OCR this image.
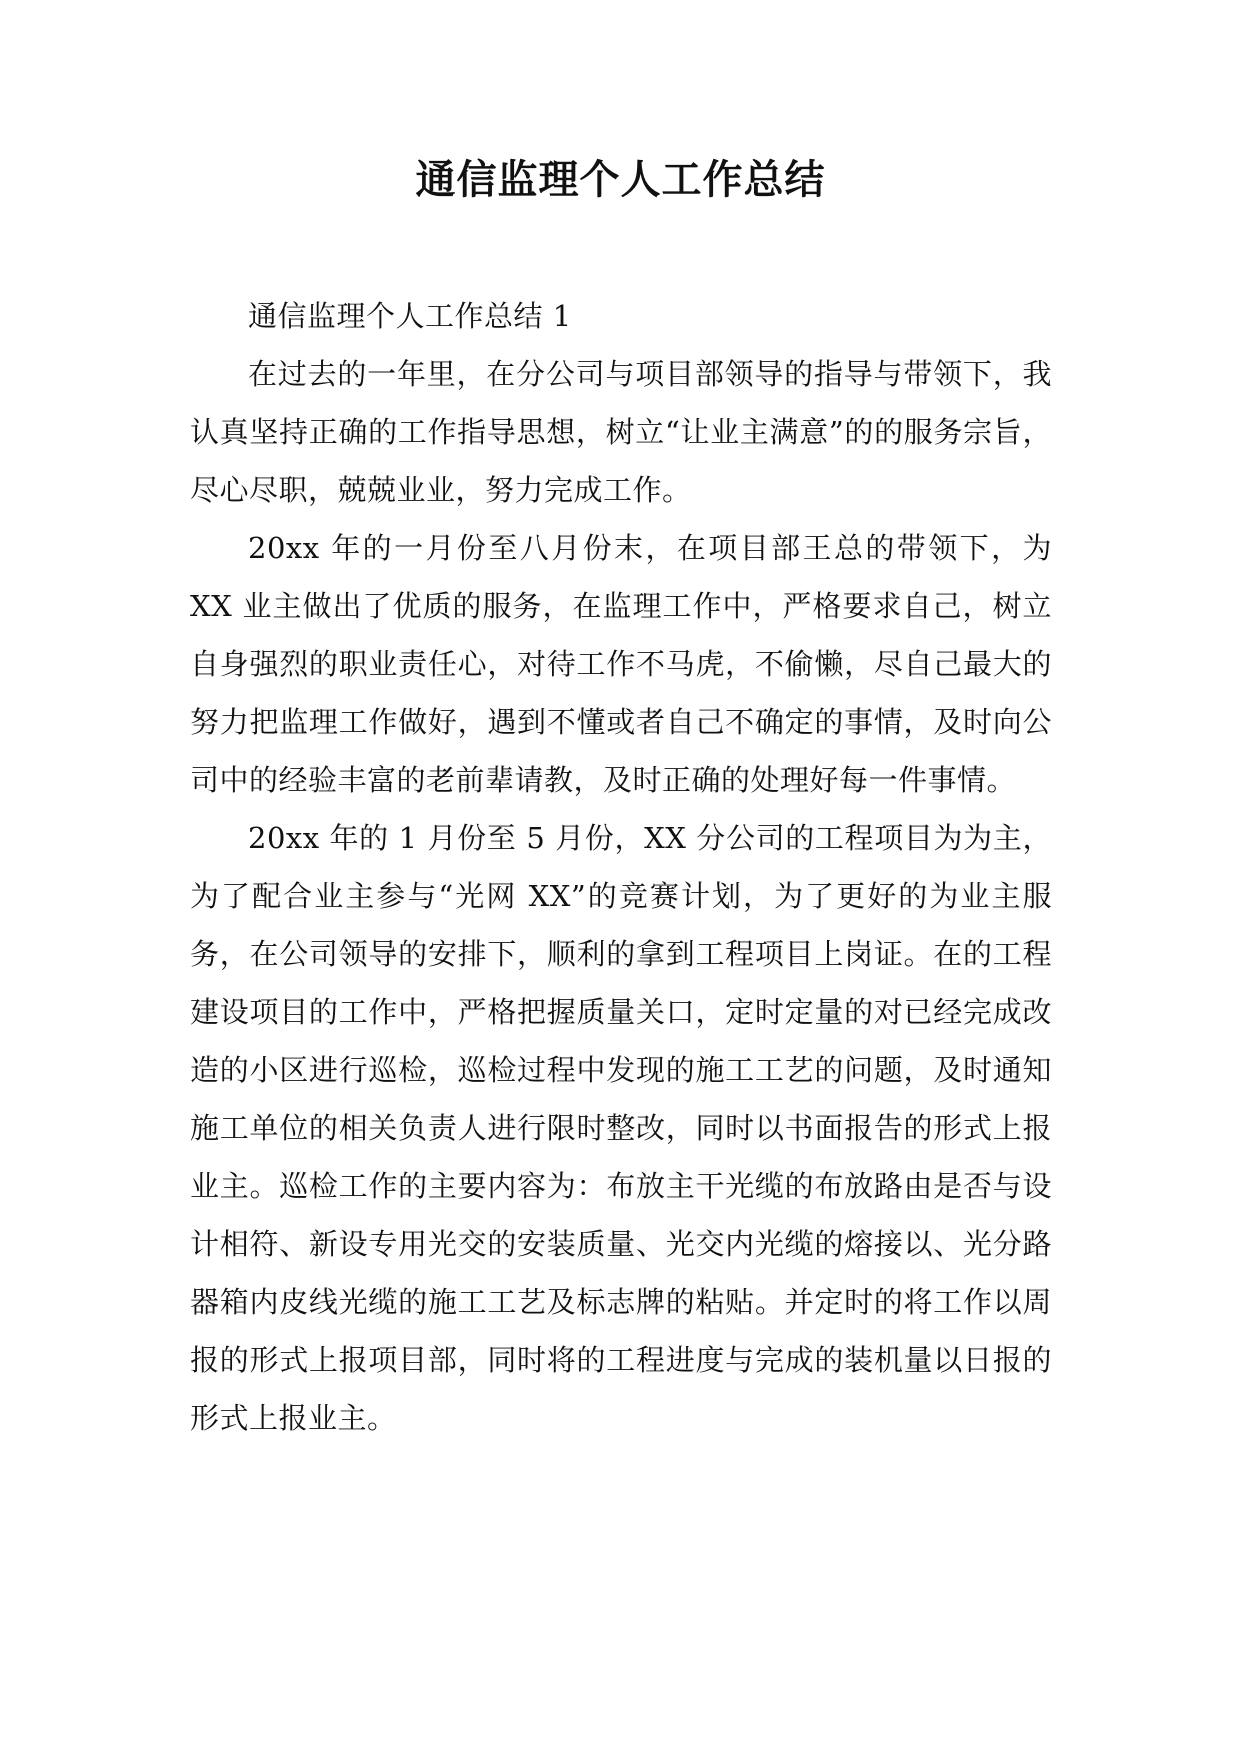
通信监理个人工作总结

通信监理个人工作总结 1

在过去的一年里，在分公司与项目部领导的指导与带领下，我认真坚持正确的工作指导思想，树立“让业主满意”的的服务宗旨，尽心尽职，兢兢业业，努力完成工作。

20xx 年的一月份至八月份末，在项目部王总的带领下，为 XX 业主做出了优质的服务，在监理工作中，严格要求自己，树立自身强烈的职业责任心，对待工作不马虎，不偷懒，尽自己最大的努力把监理工作做好，遇到不懂或者自己不确定的事情，及时向公司中的经验丰富的老前辈请教，及时正确的处理好每一件事情。

20xx 年的 1 月份至 5 月份，XX 分公司的工程项目为为主，为了配合业主参与“光网 XX”的竞赛计划，为了更好的为业主服务，在公司领导的安排下，顺利的拿到工程项目上岗证。在的工程建设项目的工作中，严格把握质量关口，定时定量的对已经完成改造的小区进行巡检，巡检过程中发现的施工工艺的问题，及时通知施工单位的相关负责人进行限时整改，同时以书面报告的形式上报业主。巡检工作的主要内容为：布放主干光缆的布放路由是否与设计相符、新设专用光交的安装质量、光交内光缆的熔接以、光分路器箱内皮线光缆的施工工艺及标志牌的粘贴。并定时的将工作以周报的形式上报项目部，同时将的工程进度与完成的装机量以日报的形式上报业主。
